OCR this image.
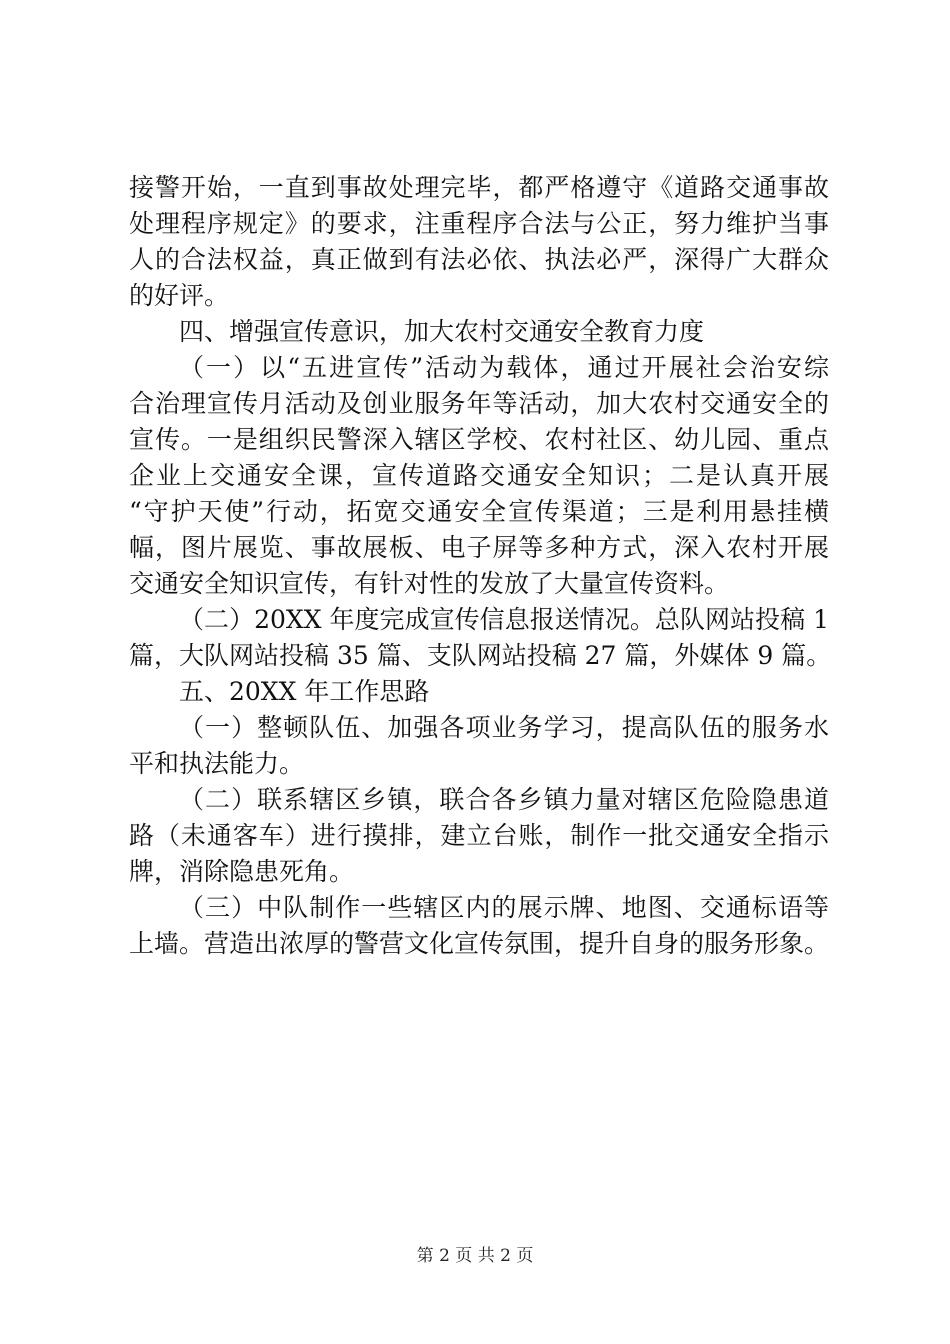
接警开始，一直到事故处理完毕，都严格遵守《道路交通事故
处理程序规定》的要求，注重程序合法与公正，努力维护当事
人的合法权益，真正做到有法必依、执法必严，深得广大群众
的好评。
四、增强宣传意识，加大农村交通安全教育力度
（一）以“五进宣传”活动为载体，通过开展社会治安综
合治理宣传月活动及创业服务年等活动，加大农村交通安全的
宣传。一是组织民警深入辖区学校、农村社区、幼儿园、重点
企业上交通安全课，宣传道路交通安全知识；二是认真开展
“守护天使”行动，拓宽交通安全宣传渠道；三是利用悬挂横
幅，图片展览、事故展板、电子屏等多种方式，深入农村开展
交通安全知识宣传，有针对性的发放了大量宣传资料。
（二）20XX 年度完成宣传信息报送情况。总队网站投稿 1
篇，大队网站投稿 35 篇、支队网站投稿 27 篇，外媒体 9 篇。
五、20XX 年工作思路
（一）整顿队伍、加强各项业务学习，提高队伍的服务水
平和执法能力。
（二）联系辖区乡镇，联合各乡镇力量对辖区危险隐患道
路（未通客车）进行摸排，建立台账，制作一批交通安全指示
牌，消除隐患死角。
（三）中队制作一些辖区内的展示牌、地图、交通标语等
上墙。营造出浓厚的警营文化宣传氛围，提升自身的服务形象。
第 2 页 共 2 页
